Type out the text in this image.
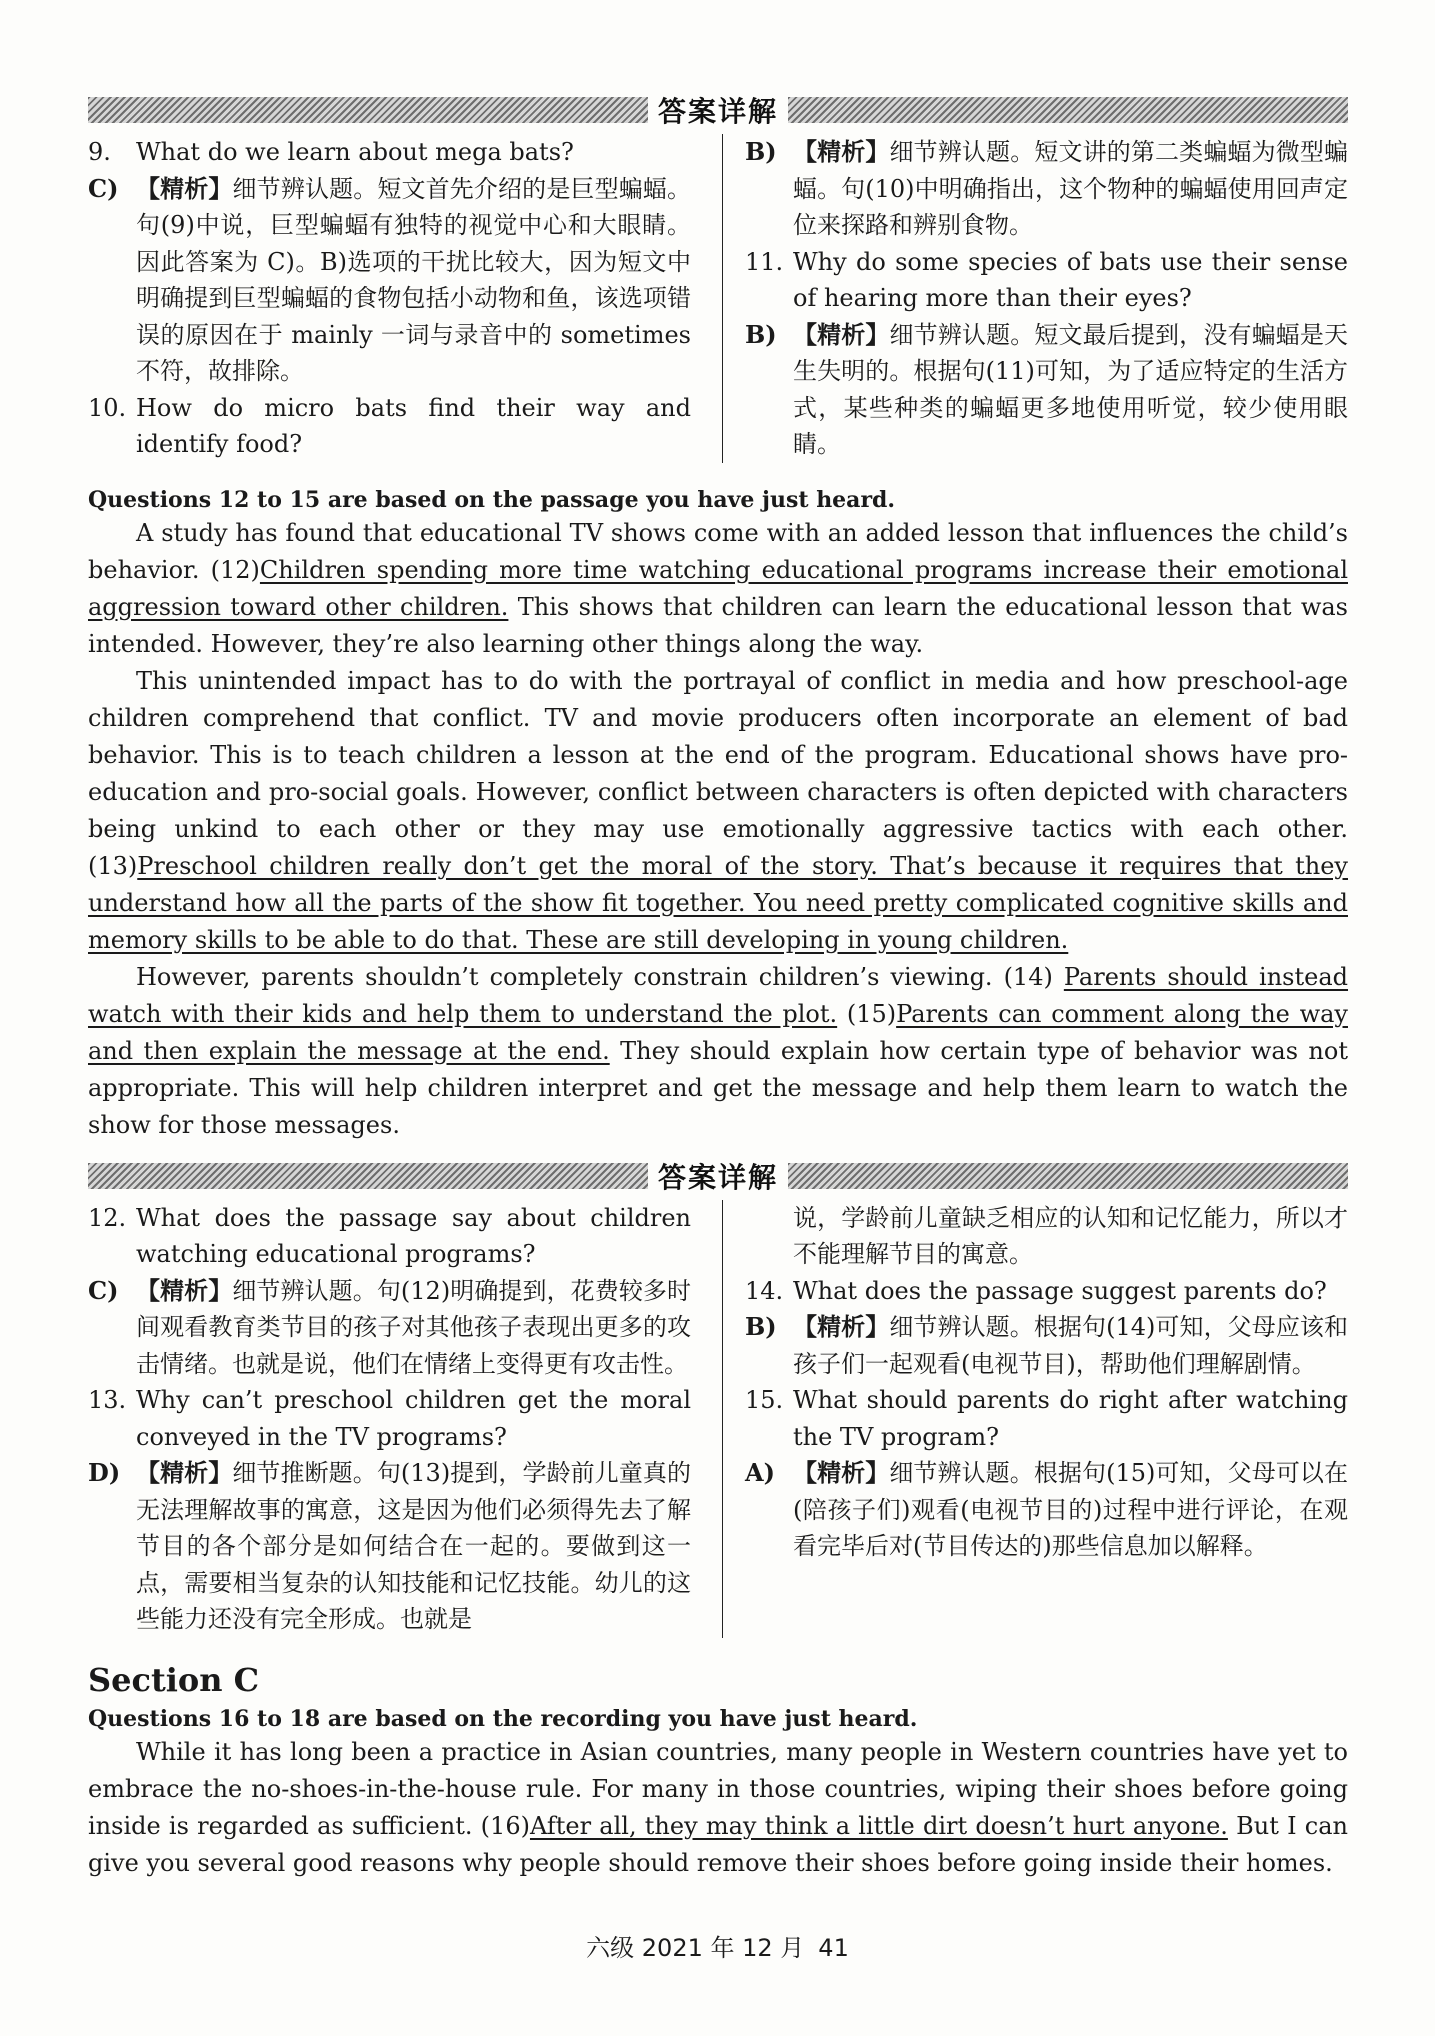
答案详解
9.	What do we learn about mega bats?
C) 【精析】细节辨认题。短文首先介绍的是巨型蝙蝠。句(9)中说，巨型蝙蝠有独特的视觉中心和大眼睛。因此答案为 C)。B)选项的干扰比较大，因为短文中明确提到巨型蝙蝠的食物包括小动物和鱼，该选项错误的原因在于 mainly 一词与录音中的 sometimes 不符，故排除。
10. How do micro bats find their way and identify food?
B) 【精析】细节辨认题。短文讲的第二类蝙蝠为微型蝙蝠。句(10)中明确指出，这个物种的蝙蝠使用回声定位来探路和辨别食物。
11. Why do some species of bats use their sense of hearing more than their eyes?
B) 【精析】细节辨认题。短文最后提到，没有蝙蝠是天生失明的。根据句(11)可知，为了适应特定的生活方式，某些种类的蝙蝠更多地使用听觉，较少使用眼睛。
Questions 12 to 15 are based on the passage you have just heard.

A study has found that educational TV shows come with an added lesson that influences the child’s behavior. (12)Children spending more time watching educational programs increase their emotional aggression toward other children. This shows that children can learn the educational lesson that was intended. However, they’re also learning other things along the way.

This unintended impact has to do with the portrayal of conflict in media and how preschool-age children comprehend that conflict. TV and movie producers often incorporate an element of bad behavior. This is to teach children a lesson at the end of the program. Educational shows have pro-education and pro-social goals. However, conflict between characters is often depicted with characters being unkind to each other or they may use emotionally aggressive tactics with each other. (13)Preschool children really don’t get the moral of the story. That’s because it requires that they understand how all the parts of the show fit together. You need pretty complicated cognitive skills and memory skills to be able to do that. These are still developing in young children.

However, parents shouldn’t completely constrain children’s viewing. (14) Parents should instead watch with their kids and help them to understand the plot. (15)Parents can comment along the way and then explain the message at the end. They should explain how certain type of behavior was not appropriate. This will help children interpret and get the message and help them learn to watch the show for those messages.

答案详解
12. What does the passage say about children watching educational programs?
C) 【精析】细节辨认题。句(12)明确提到，花费较多时间观看教育类节目的孩子对其他孩子表现出更多的攻击情绪。也就是说，他们在情绪上变得更有攻击性。
13. Why can’t preschool children get the moral conveyed in the TV programs?
D) 【精析】细节推断题。句(13)提到，学龄前儿童真的无法理解故事的寓意，这是因为他们必须得先去了解节目的各个部分是如何结合在一起的。要做到这一点，需要相当复杂的认知技能和记忆技能。幼儿的这些能力还没有完全形成。也就是
说，学龄前儿童缺乏相应的认知和记忆能力，所以才不能理解节目的寓意。
14. What does the passage suggest parents do?
B) 【精析】细节辨认题。根据句(14)可知，父母应该和孩子们一起观看(电视节目)，帮助他们理解剧情。
15. What should parents do right after watching the TV program?
A) 【精析】细节辨认题。根据句(15)可知，父母可以在(陪孩子们)观看(电视节目的)过程中进行评论，在观看完毕后对(节目传达的)那些信息加以解释。
Section C
Questions 16 to 18 are based on the recording you have just heard.

While it has long been a practice in Asian countries, many people in Western countries have yet to embrace the no-shoes-in-the-house rule. For many in those countries, wiping their shoes before going inside is regarded as sufficient. (16)After all, they may think a little dirt doesn’t hurt anyone. But I can give you several good reasons why people should remove their shoes before going inside their homes.

六级 2021 年 12 月 41
